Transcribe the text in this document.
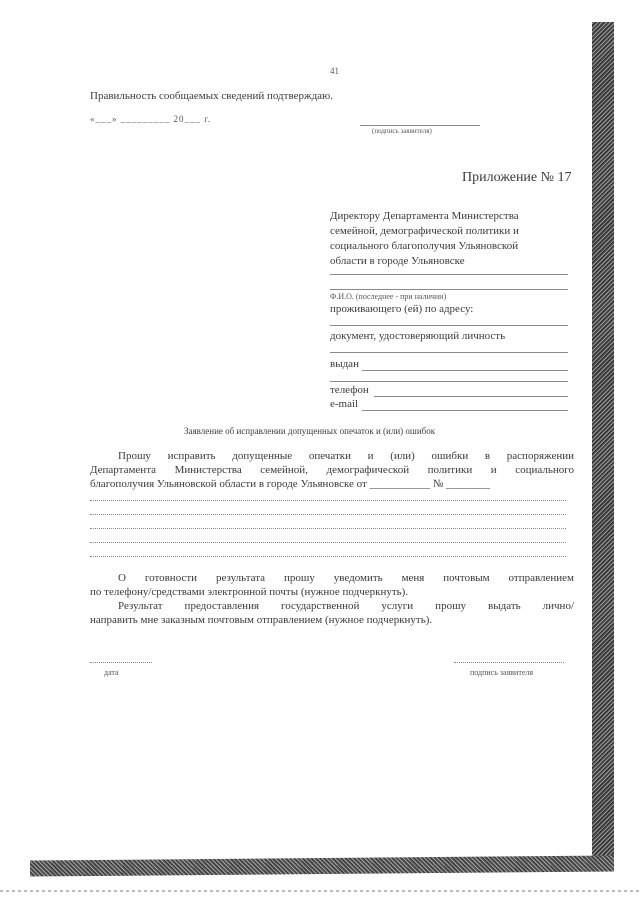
41
Правильность сообщаемых сведений подтверждаю.
«___» _________ 20___ г.
(подпись заявителя)
Приложение № 17
Директору Департамента Министерства
семейной, демографической политики и
социального благополучия Ульяновской
области в городе Ульяновске
Ф.И.О. (последнее - при наличии)
проживающего (ей) по адресу:
документ, удостоверяющий личность
выдан
телефон
e-mail
Заявление об исправлении допущенных опечаток и (или) ошибок
Прошу исправить допущенные опечатки и (или) ошибки в распоряжении
Департамента Министерства семейной, демографической политики и социального
благополучия Ульяновской области в городе Ульяновске от ___________ № ________
О готовности результата прошу уведомить меня почтовым отправлением
по телефону/средствами электронной почты (нужное подчеркнуть).
Результат предоставления государственной услуги прошу выдать лично/
направить мне заказным почтовым отправлением (нужное подчеркнуть).
дата	подпись заявителя
